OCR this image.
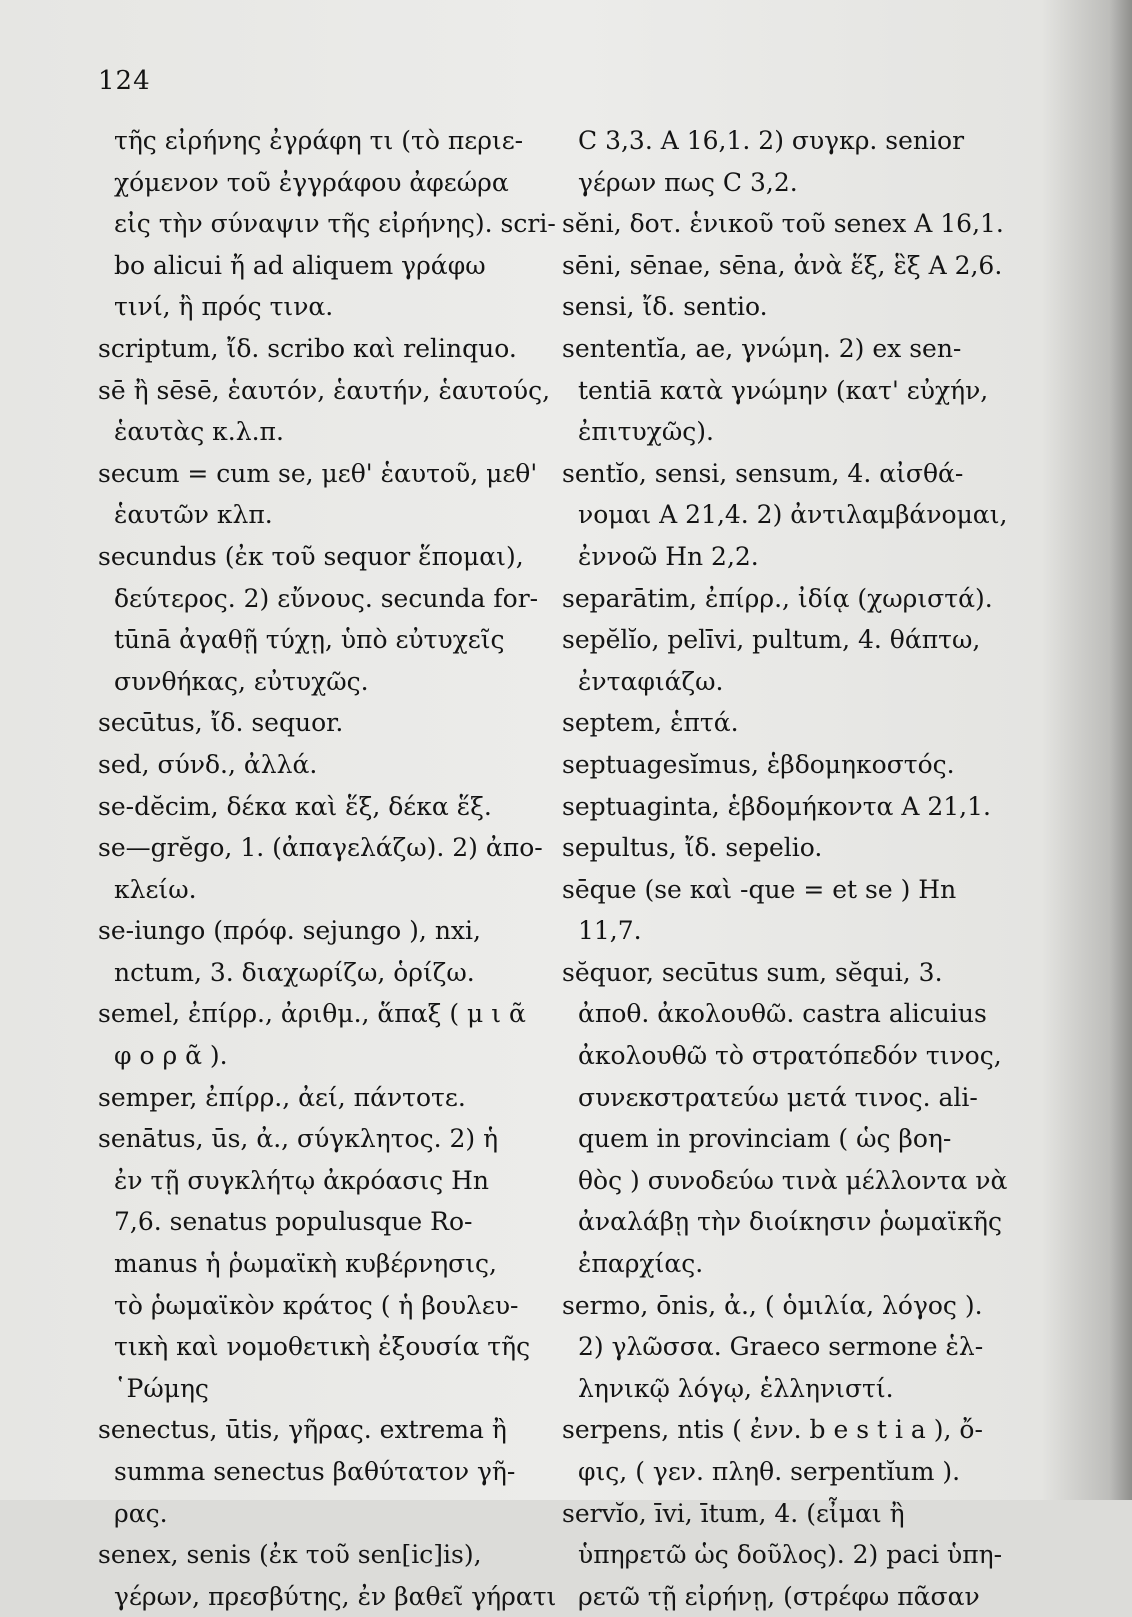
124
τῆς εἰρήνης ἐγράφη τι (τὸ περιε-
χόμενον τοῦ ἐγγράφου ἀφεώρα
εἰς τὴν σύναψιν τῆς εἰρήνης). scri-
bo alicui ἤ ad aliquem γράφω
τινί, ἢ πρός τινα.
scriptum, ἴδ. scribo καὶ relinquo.
sē ἢ sēsē, ἑαυτόν, ἑαυτήν, ἑαυτούς,
ἑαυτὰς κ.λ.π.
secum = cum se, μεθ' ἑαυτοῦ, μεθ'
ἑαυτῶν κλπ.
secundus (ἐκ τοῦ sequor ἕπομαι),
δεύτερος. 2) εὔνους. secunda for-
tūnā ἀγαθῇ τύχῃ, ὑπὸ εὐτυχεῖς
συνθήκας, εὐτυχῶς.
secūtus, ἴδ. sequor.
sed, σύνδ., ἀλλά.
se-dĕcim, δέκα καὶ ἕξ, δέκα ἕξ.
se—grĕgo, 1. (ἀπαγελάζω). 2) ἀπο-
κλείω.
se-iungo (πρόφ. sejungo ), nxi,
nctum, 3. διαχωρίζω, ὁρίζω.
semel, ἐπίρρ., ἀριθμ., ἅπαξ ( μ ι ᾶ
φ ο ρ ᾶ ).
semper, ἐπίρρ., ἀεί, πάντοτε.
senātus, ūs, ἀ., σύγκλητος. 2) ἡ
ἐν τῇ συγκλήτῳ ἀκρόασις Hn
7,6. senatus populusque Ro-
manus ἡ ῥωμαϊκὴ κυβέρνησις,
τὸ ῥωμαϊκὸν κράτος ( ἡ βουλευ-
τικὴ καὶ νομοθετικὴ ἐξουσία τῆς
῾Ρώμης
senectus, ūtis, γῆρας. extrema ἢ
summa senectus βαθύτατον γῆ-
ρας.
senex, senis (ἐκ τοῦ sen[ic]is),
γέρων, πρεσβύτης, ἐν βαθεῖ γήρατι
C 3,3. A 16,1. 2) συγκρ. senior
γέρων πως C 3,2.
sĕni, δοτ. ἑνικοῦ τοῦ senex A 16,1.
sēni, sēnae, sēna, ἀνὰ ἕξ, ἓξ A 2,6.
sensi, ἴδ. sentio.
sententĭa, ae, γνώμη. 2) ex sen-
tentiā κατὰ γνώμην (κατ' εὐχήν,
ἐπιτυχῶς).
sentĭo, sensi, sensum, 4. αἰσθά-
νομαι A 21,4. 2) ἀντιλαμβάνομαι,
ἐννοῶ Hn 2,2.
separātim, ἐπίρρ., ἰδίᾳ (χωριστά).
sepĕlĭo, pelīvi, pultum, 4. θάπτω,
ἐνταφιάζω.
septem, ἑπτά.
septuagesĭmus, ἑβδομηκοστός.
septuaginta, ἑβδομήκοντα A 21,1.
sepultus, ἴδ. sepelio.
sēque (se καὶ -que = et se ) Hn
11,7.
sĕquor, secūtus sum, sĕqui, 3.
ἀποθ. ἀκολουθῶ. castra alicuius
ἀκολουθῶ τὸ στρατόπεδόν τινος,
συνεκστρατεύω μετά τινος. ali-
quem in provinciam ( ὡς βοη-
θὸς ) συνοδεύω τινὰ μέλλοντα νὰ
ἀναλάβῃ τὴν διοίκησιν ῥωμαϊκῆς
ἐπαρχίας.
sermo, ōnis, ἀ., ( ὁμιλία, λόγος ).
2) γλῶσσα. Graeco sermone ἑλ-
ληνικῷ λόγῳ, ἑλληνιστί.
serpens, ntis ( ἐνν. b e s t i a ), ὄ-
φις, ( γεν. πληθ. serpentĭum ).
servĭo, īvi, ītum, 4. (εἶμαι ἢ
ὑπηρετῶ ὡς δοῦλος). 2) paci ὑπη-
ρετῶ τῇ εἰρήνῃ, (στρέφω πᾶσαν
